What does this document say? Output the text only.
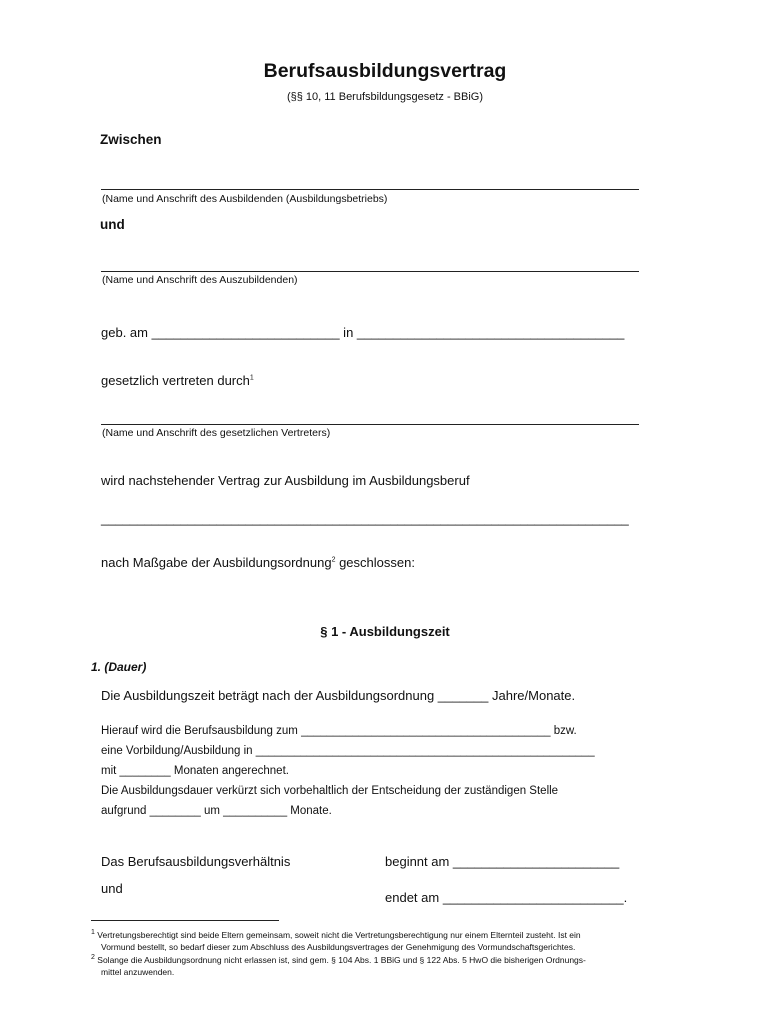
Berufsausbildungsvertrag
(§§ 10, 11 Berufsbildungsgesetz - BBiG)
Zwischen
(Name und Anschrift des Ausbildenden (Ausbildungsbetriebs)
und
(Name und Anschrift des Auszubildenden)
geb. am __________________________ in _____________________________________
gesetzlich vertreten durch$^1$
(Name und Anschrift des gesetzlichen Vertreters)
wird nachstehender Vertrag zur Ausbildung im Ausbildungsberuf
_________________________________________________________________________
nach Maßgabe der Ausbildungsordnung$^2$ geschlossen:
§ 1 - Ausbildungszeit
1. (Dauer)
Die Ausbildungszeit beträgt nach der Ausbildungsordnung _______ Jahre/Monate.
Hierauf wird die Berufsausbildung zum _______________________________________ bzw.
eine Vorbildung/Ausbildung in _____________________________________________________
mit ________ Monaten angerechnet.
Die Ausbildungsdauer verkürzt sich vorbehaltlich der Entscheidung der zuständigen Stelle
aufgrund ________ um __________ Monate.
Das Berufsausbildungsverhältnis	beginnt am _______________________
und
endet am _________________________.
$^1$ Vertretungsberechtigt sind beide Eltern gemeinsam, soweit nicht die Vertretungsberechtigung nur einem Elternteil zusteht. Ist ein
Vormund bestellt, so bedarf dieser zum Abschluss des Ausbildungsvertrages der Genehmigung des Vormundschaftsgerichtes.
$^2$ Solange die Ausbildungsordnung nicht erlassen ist, sind gem. § 104 Abs. 1 BBiG und § 122 Abs. 5 HwO die bisherigen Ordnungs-
mittel anzuwenden.
